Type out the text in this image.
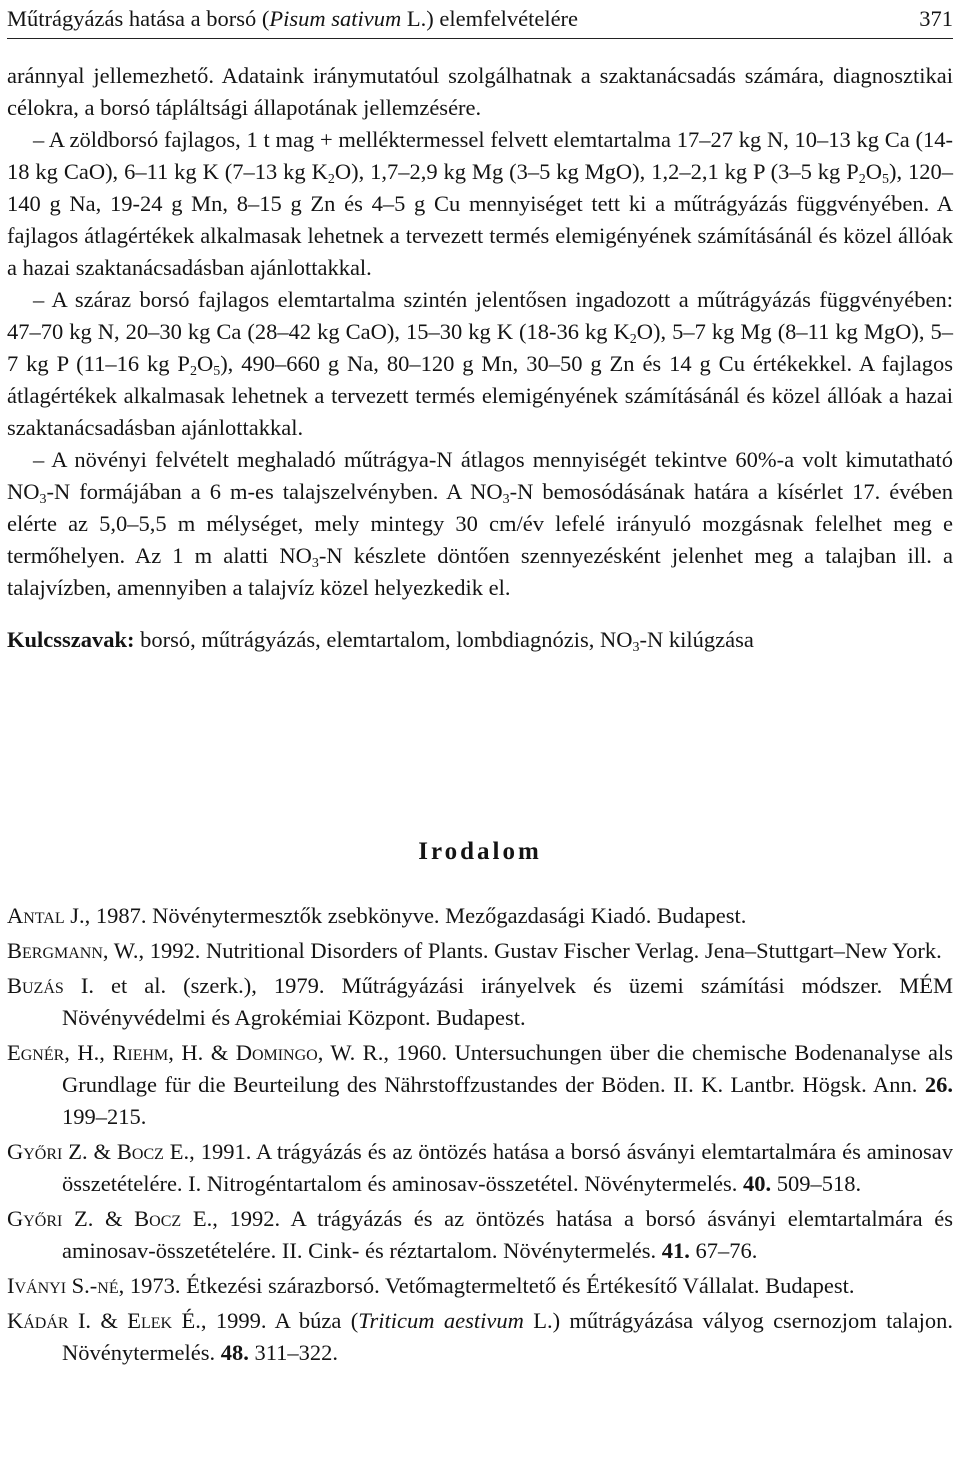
Műtrágyázás hatása a borsó (Pisum sativum L.) elemfelvételére	371

aránnyal jellemezhető. Adataink iránymutatóul szolgálhatnak a szaktanácsadás számára, diagnosztikai célokra, a borsó tápláltsági állapotának jellemzésére.

– A zöldborsó fajlagos, 1 t mag + melléktermessel felvett elemtartalma 17–27 kg N, 10–13 kg Ca (14-18 kg CaO), 6–11 kg K (7–13 kg $K_2O$), 1,7–2,9 kg Mg (3–5 kg MgO), 1,2–2,1 kg P (3–5 kg $P_2O_5$), 120–140 g Na, 19-24 g Mn, 8–15 g Zn és 4–5 g Cu mennyiséget tett ki a műtrágyázás függvényében. A fajlagos átlagértékek alkalmasak lehetnek a tervezett termés elemigényének számításánál és közel állóak a hazai szaktanácsadásban ajánlottakkal.

– A száraz borsó fajlagos elemtartalma szintén jelentősen ingadozott a műtrágyázás függvényében: 47–70 kg N, 20–30 kg Ca (28–42 kg CaO), 15–30 kg K (18-36 kg $K_2O$), 5–7 kg Mg (8–11 kg MgO), 5–7 kg P (11–16 kg $P_2O_5$), 490–660 g Na, 80–120 g Mn, 30–50 g Zn és 14 g Cu értékekkel. A fajlagos átlagértékek alkalmasak lehetnek a tervezett termés elemigényének számításánál és közel állóak a hazai szaktanácsadásban ajánlottakkal.

– A növényi felvételt meghaladó műtrágya-N átlagos mennyiségét tekintve 60%-a volt kimutatható $NO_3-N$ formájában a 6 m-es talajszelvényben. A $NO_3-N$ bemosódásának határa a kísérlet 17. évében elérte az 5,0–5,5 m mélységet, mely mintegy 30 cm/év lefelé irányuló mozgásnak felelhet meg e termőhelyen. Az 1 m alatti $NO_3-N$ készlete döntően szennyezésként jelenhet meg a talajban ill. a talajvízben, amennyiben a talajvíz közel helyezkedik el.

Kulcsszavak: borsó, műtrágyázás, elemtartalom, lombdiagnózis, $NO_3-N$ kilúgzása

Irodalom

Antal J., 1987. Növénytermesztők zsebkönyve. Mezőgazdasági Kiadó. Budapest.

Bergmann, W., 1992. Nutritional Disorders of Plants. Gustav Fischer Verlag. Jena–Stuttgart–New York.

Buzás I. et al. (szerk.), 1979. Műtrágyázási irányelvek és üzemi számítási módszer. MÉM Növényvédelmi és Agrokémiai Központ. Budapest.

Egnér, H., Riehm, H. & Domingo, W. R., 1960. Untersuchungen über die chemische Bodenanalyse als Grundlage für die Beurteilung des Nährstoffzustandes der Böden. II. K. Lantbr. Högsk. Ann. 26. 199–215.

Győri Z. & Bocz E., 1991. A trágyázás és az öntözés hatása a borsó ásványi elemtartalmára és aminosav összetételére. I. Nitrogéntartalom és aminosav-összetétel. Növénytermelés. 40. 509–518.

Győri Z. & Bocz E., 1992. A trágyázás és az öntözés hatása a borsó ásványi elemtartalmára és aminosav-összetételére. II. Cink- és réztartalom. Növénytermelés. 41. 67–76.

Iványi S.-né, 1973. Étkezési szárazborsó. Vetőmagtermeltető és Értékesítő Vállalat. Budapest.

Kádár I. & Elek É., 1999. A búza (Triticum aestivum L.) műtrágyázása vályog csernozjom talajon. Növénytermelés. 48. 311–322.
